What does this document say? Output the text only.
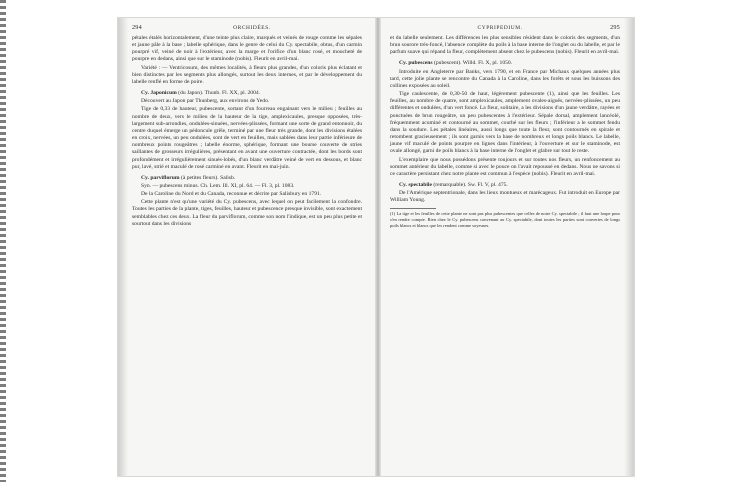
294	ORCHIDÉES.

pétales étalés horizontalement, d'une teinte plus claire, marqués et veinés de rouge comme les sépales et jaune pâle à la base ; labelle sphérique, dans le genre de celui du Cy. spectabile, obtus, d'un carmin pourpré vif, veiné de noir à l'extérieur, avec la marge et l'orifice d'un blanc rosé, et moucheté de pourpre en dedans, ainsi que sur le staminode (nobis). Fleurit en avril-mai.

Variété : — Ventricosum, des mêmes localités, à fleurs plus grandes, d'un coloris plus éclatant et bien distinctes par les segments plus allongés, surtout les deux internes, et par le développement du labelle renflé en forme de poire.

Cy. Japonicum (du Japon). Thunb. Fl. XX, pl. 2004.

Découvert au Japon par Thunberg, aux environs de Yedo.

Tige de 0,33 de hauteur, pubescente, sortant d'un fourreau engainant vers le milieu ; feuilles au nombre de deux, vers le milieu de la hauteur de la tige, amplexicaules, presque opposées, très-largement sub-arrondies, ondulées-sinuées, nervées-plissées, formant une sorte de grand entonnoir, du centre duquel émerge un pédoncule grêle, terminé par une fleur très grande, dont les divisions étalées en croix, nervées, un peu ondulées, sont de vert en feuilles, mais sablées dans leur partie inférieure de nombreux points rougeâtres ; labelle énorme, sphérique, formant une bourse couverte de stries saillantes de grosseurs irrégulières, présentant en avant une ouverture contractée, dont les bords sont profondément et irrégulièrement sinués-lobés, d'un blanc verdâtre veiné de vert en dessous, et blanc pur, lavé, strié et maculé de rosé carminé en avant. Fleurit en mai-juin.

Cy. parviflorum (à petites fleurs). Salisb.

Syn. — pubescens minus. Ch. Lem. Ill. XI, pl. 64. — Fl. 3, pl. 1083.

De la Caroline du Nord et du Canada, reconnue et décrite par Salisbury en 1791.

Cette plante n'est qu'une variété du Cy. pubescens, avec lequel on peut facilement la confondre. Toutes les parties de la plante, tiges, feuilles, hauteur et pubescence presque invisible, sont exactement semblables chez ces deux. La fleur du parviflorum, comme son nom l'indique, est un peu plus petite et sourtout dans les divisions

CYPRIPEDIUM.	295

et du labelle seulement. Les différences les plus sensibles résident dans le coloris des segments, d'un brun sourore très-foncé, l'absence complète du poils à la base interne de l'onglet ou du labelle, et par le parfum suave qui répand la fleur, complètement absent chez le pubescens (nobis). Fleurit en avril-mai.

Cy. pubescens (pubescent). Willd. Fl. X, pl. 1050.

Introduite en Angleterre par Banks, vers 1790, et en France par Michaux quelques années plus tard, cette jolie plante se rencontre du Canada à la Caroline, dans les forêts et sous les buissons des collines exposées au soleil.

Tige caulescente, de 0,30-50 de haut, légèrement pubescente (1), ainsi que les feuilles. Les feuilles, au nombre de quatre, sont amplexicaules, amplement ovales-aiguës, nervées-plissées, un peu différentes et ondulées, d'un vert foncé. La fleur, solitaire, a les divisions d'un jaune verdâtre, rayées et ponctuées de brun rougeâtre, un peu pubescentes à l'extérieur. Sépale dorsal, amplement lancéolé, fréquemment acuminé et contourné au sommet, courbé sur les fleurs ; l'inférieur a le sommet fendu dans la soudure. Les pétales linéaires, aussi longs que toute la fleur, sont contournés en spirale et retombent gracieusement ; ils sont garnis vers la base de nombreux et longs poils blancs. Le labelle, jaune vif maculé de points pourpre en lignes dans l'intérieur, à l'ouverture et sur le staminode, est ovale allongé, garni de poils blancs à la base interne de l'onglet et glabre sur tout le reste.

L'exemplaire que nous possédons présente toujours et sur toutes nos fleurs, un renfoncement au sommet antérieur du labelle, comme si avec le pouce on l'avait repoussé en dedans. Nous ne savons si ce caractère persistant chez notre plante est commun à l'espèce (nobis). Fleurit en avril-mai.

Cy. spectabile (remarquable). Sw. Fl. V, pl. 475.

De l'Amérique septentrionale, dans les lieux montueux et marécageux. Fut introduit en Europe par William Young.

(1) La tige et les feuilles de cette plante ne sont pas plus pubescentes que celles de notre Cy. spectabile ; il faut une loupe pour s'en rendre compte. Rien chez le Cy. pubescens convenant au Cy. spectabile, dont toutes les parties sont couvertes de longs poils blancs et blancs que les rendent comme soyeuses.
